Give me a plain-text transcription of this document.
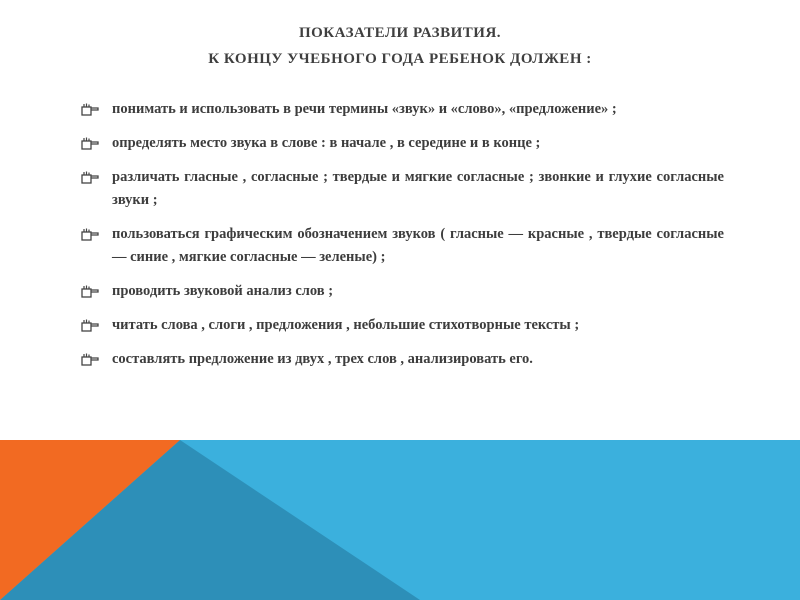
ПОКАЗАТЕЛИ РАЗВИТИЯ.
К КОНЦУ УЧЕБНОГО ГОДА РЕБЕНОК ДОЛЖЕН :
понимать и использовать в речи термины «звук» и «слово», «предложение» ;
определять место звука в слове : в начале , в середине и в конце ;
различать гласные , согласные ; твердые и мягкие согласные ; звонкие и глухие согласные звуки ;
пользоваться графическим обозначением звуков ( гласные — красные , твердые согласные — синие , мягкие согласные — зеленые) ;
проводить звуковой анализ слов ;
читать слова , слоги , предложения , небольшие стихотворные тексты ;
составлять предложение из двух , трех слов , анализировать его.
